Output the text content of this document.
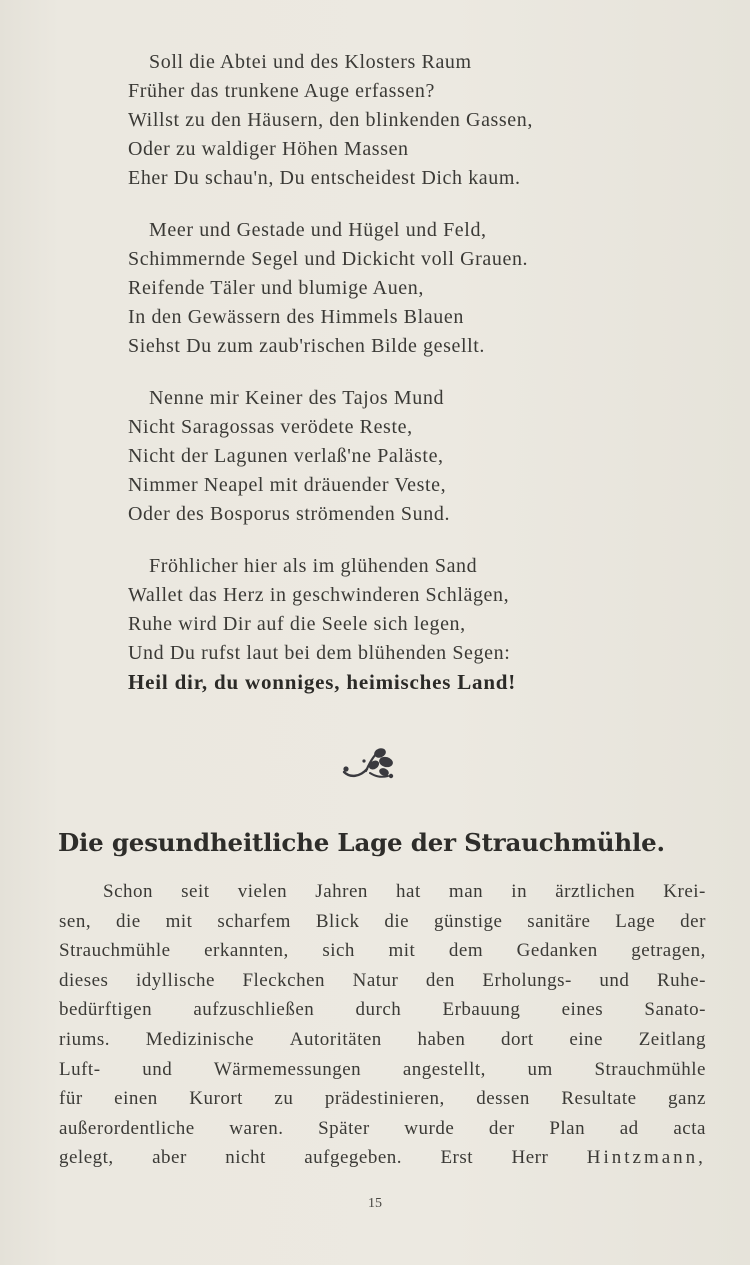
Soll die Abtei und des Klosters Raum
Früher das trunkene Auge erfassen?
Willst zu den Häusern, den blinkenden Gassen,
Oder zu waldiger Höhen Massen
Eher Du schau'n, Du entscheidest Dich kaum.
Meer und Gestade und Hügel und Feld,
Schimmernde Segel und Dickicht voll Grauen.
Reifende Täler und blumige Auen,
In den Gewässern des Himmels Blauen
Siehst Du zum zaub'rischen Bilde gesellt.
Nenne mir Keiner des Tajos Mund
Nicht Saragossas verödete Reste,
Nicht der Lagunen verlaß'ne Paläste,
Nimmer Neapel mit dräuender Veste,
Oder des Bosporus strömenden Sund.
Fröhlicher hier als im glühenden Sand
Wallet das Herz in geschwinderen Schlägen,
Ruhe wird Dir auf die Seele sich legen,
Und Du rufst laut bei dem blühenden Segen:
Heil dir, du wonniges, heimisches Land!
Die gesundheitliche Lage der Strauchmühle.
Schon seit vielen Jahren hat man in ärztlichen Krei-
sen, die mit scharfem Blick die günstige sanitäre Lage der
Strauchmühle erkannten, sich mit dem Gedanken getragen,
dieses idyllische Fleckchen Natur den Erholungs- und Ruhe-
bedürftigen aufzuschließen durch Erbauung eines Sanato-
riums. Medizinische Autoritäten haben dort eine Zeitlang
Luft- und Wärmemessungen angestellt, um Strauchmühle
für einen Kurort zu prädestinieren, dessen Resultate ganz
außerordentliche waren. Später wurde der Plan ad acta
gelegt, aber nicht aufgegeben. Erst Herr Hintzmann,
15
